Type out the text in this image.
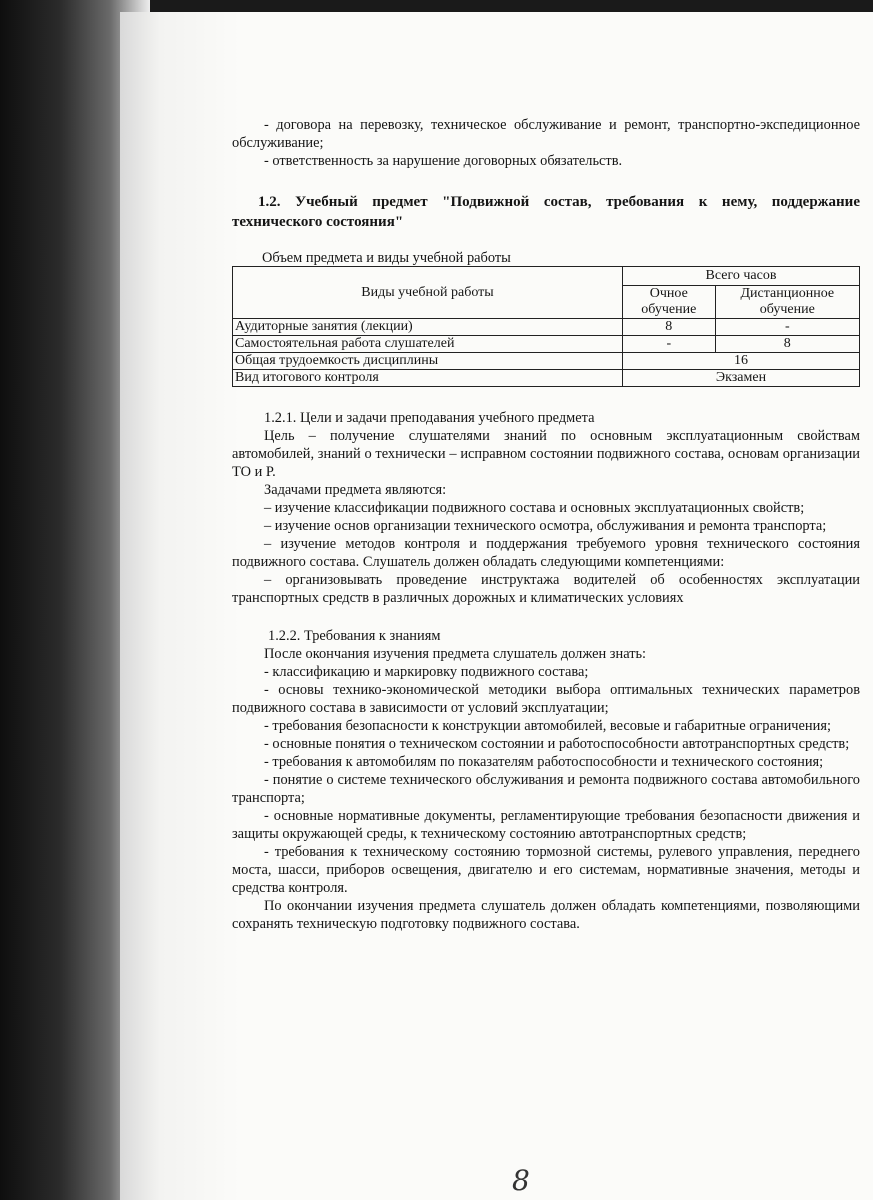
- договора на перевозку, техническое обслуживание и ремонт, транспортно-экспедиционное обслуживание;

- ответственность за нарушение договорных обязательств.

1.2. Учебный предмет "Подвижной состав, требования к нему, поддержание технического состояния"

Объем предмета и виды учебной работы

Виды учебной работы	Всего часов	
	Очное обучение	Дистанционное обучение
Аудиторные занятия (лекции)	8	-
Самостоятельная работа слушателей	-	8
Общая трудоемкость дисциплины	16	
Вид итогового контроля	Экзамен	

1.2.1. Цели и задачи преподавания учебного предмета

Цель – получение слушателями знаний по основным эксплуатационным свойствам автомобилей, знаний о технически – исправном состоянии подвижного состава, основам организации ТО и Р.

Задачами предмета являются:

– изучение классификации подвижного состава и основных эксплуатационных свойств;

– изучение основ организации технического осмотра, обслуживания и ремонта транспорта;

– изучение методов контроля и поддержания требуемого уровня технического состояния подвижного состава. Слушатель должен обладать следующими компетенциями:

– организовывать проведение инструктажа водителей об особенностях эксплуатации транспортных средств в различных дорожных и климатических условиях

1.2.2. Требования к знаниям

После окончания изучения предмета слушатель должен знать:

- классификацию и маркировку подвижного состава;

- основы технико-экономической методики выбора оптимальных технических параметров подвижного состава в зависимости от условий эксплуатации;

- требования безопасности к конструкции автомобилей, весовые и габаритные ограничения;

- основные понятия о техническом состоянии и работоспособности автотранспортных средств;

- требования к автомобилям по показателям работоспособности и технического состояния;

- понятие о системе технического обслуживания и ремонта подвижного состава автомобильного транспорта;

- основные нормативные документы, регламентирующие требования безопасности движения и защиты окружающей среды, к техническому состоянию автотранспортных средств;

- требования к техническому состоянию тормозной системы, рулевого управления, переднего моста, шасси, приборов освещения, двигателю и его системам, нормативные значения, методы и средства контроля.

По окончании изучения предмета слушатель должен обладать компетенциями, позволяющими сохранять техническую подготовку подвижного состава.

8
